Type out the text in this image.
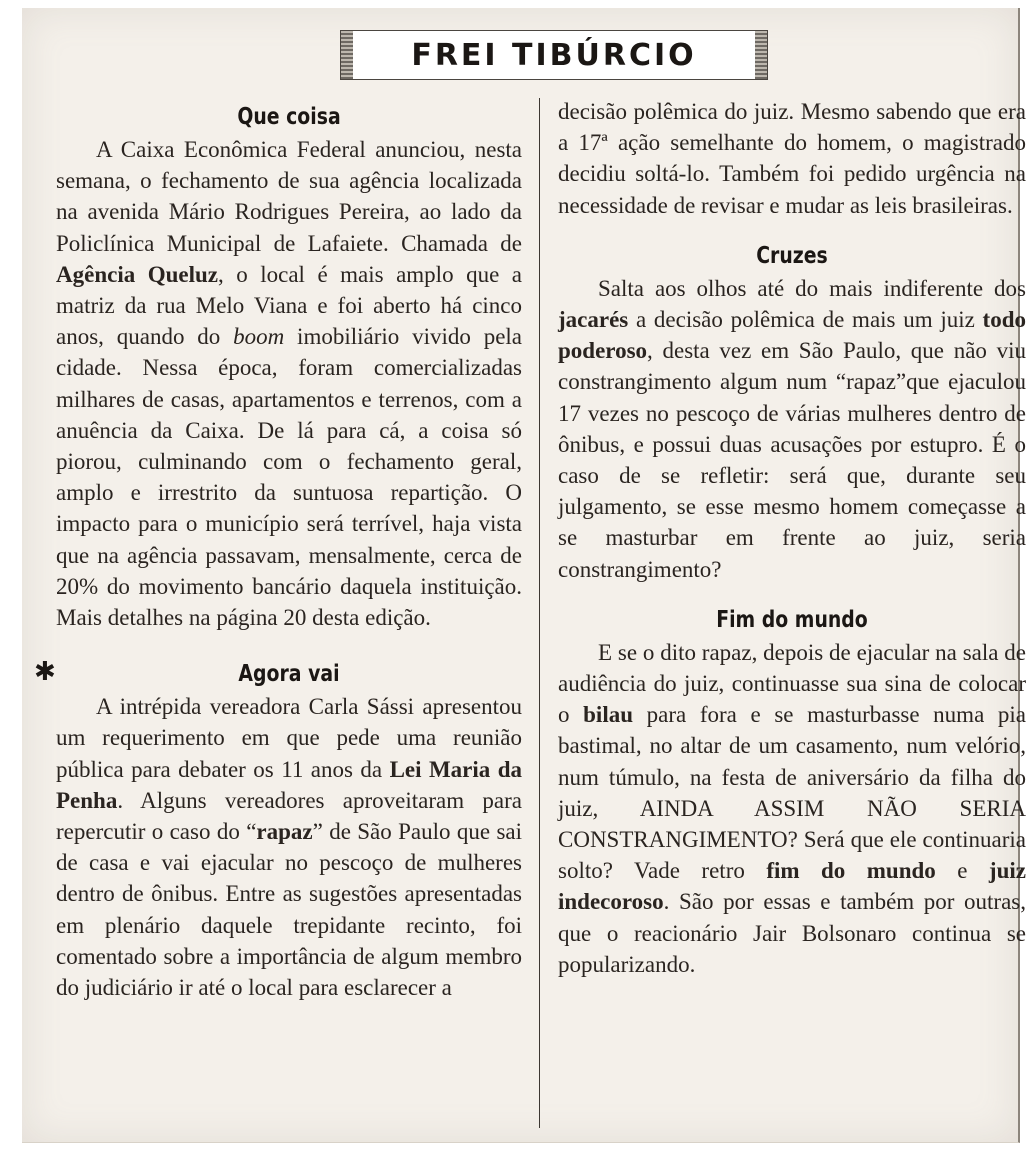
FREI TIBÚRCIO
Que coisa

A Caixa Econômica Federal anunciou, nesta semana, o fechamento de sua agência localizada na avenida Mário Rodrigues Pereira, ao lado da Policlínica Municipal de Lafaiete. Chamada de Agência Queluz, o local é mais amplo que a matriz da rua Melo Viana e foi aberto há cinco anos, quando do boom imobiliário vivido pela cidade. Nessa época, foram comercializadas milhares de casas, apartamentos e terrenos, com a anuência da Caixa. De lá para cá, a coisa só piorou, culminando com o fechamento geral, amplo e irrestrito da suntuosa repartição. O impacto para o município será terrível, haja vista que na agência passavam, mensalmente, cerca de 20% do movimento bancário daquela instituição. Mais detalhes na página 20 desta edição.

✱	Agora vai

A intrépida vereadora Carla Sássi apresentou um requerimento em que pede uma reunião pública para debater os 11 anos da Lei Maria da Penha. Alguns vereadores aproveitaram para repercutir o caso do “rapaz” de São Paulo que sai de casa e vai ejacular no pescoço de mulheres dentro de ônibus. Entre as sugestões apresentadas em plenário daquele trepidante recinto, foi comentado sobre a importância de algum membro do judiciário ir até o local para esclarecer a

decisão polêmica do juiz. Mesmo sabendo que era a 17ª ação semelhante do homem, o magistrado decidiu soltá-lo. Também foi pedido urgência na necessidade de revisar e mudar as leis brasileiras.

Cruzes

Salta aos olhos até do mais indiferente dos jacarés a decisão polêmica de mais um juiz todo poderoso, desta vez em São Paulo, que não viu constrangimento algum num “rapaz”que ejaculou 17 vezes no pescoço de várias mulheres dentro de ônibus, e possui duas acusações por estupro. É o caso de se refletir: será que, durante seu julgamento, se esse mesmo homem começasse a se masturbar em frente ao juiz, seria constrangimento?

Fim do mundo

E se o dito rapaz, depois de ejacular na sala de audiência do juiz, continuasse sua sina de colocar o bilau para fora e se masturbasse numa pia bastimal, no altar de um casamento, num velório, num túmulo, na festa de aniversário da filha do juiz, AINDA ASSIM NÃO SERIA CONSTRANGIMENTO? Será que ele continuaria solto? Vade retro fim do mundo e juiz indecoroso. São por essas e também por outras, que o reacionário Jair Bolsonaro continua se popularizando.
